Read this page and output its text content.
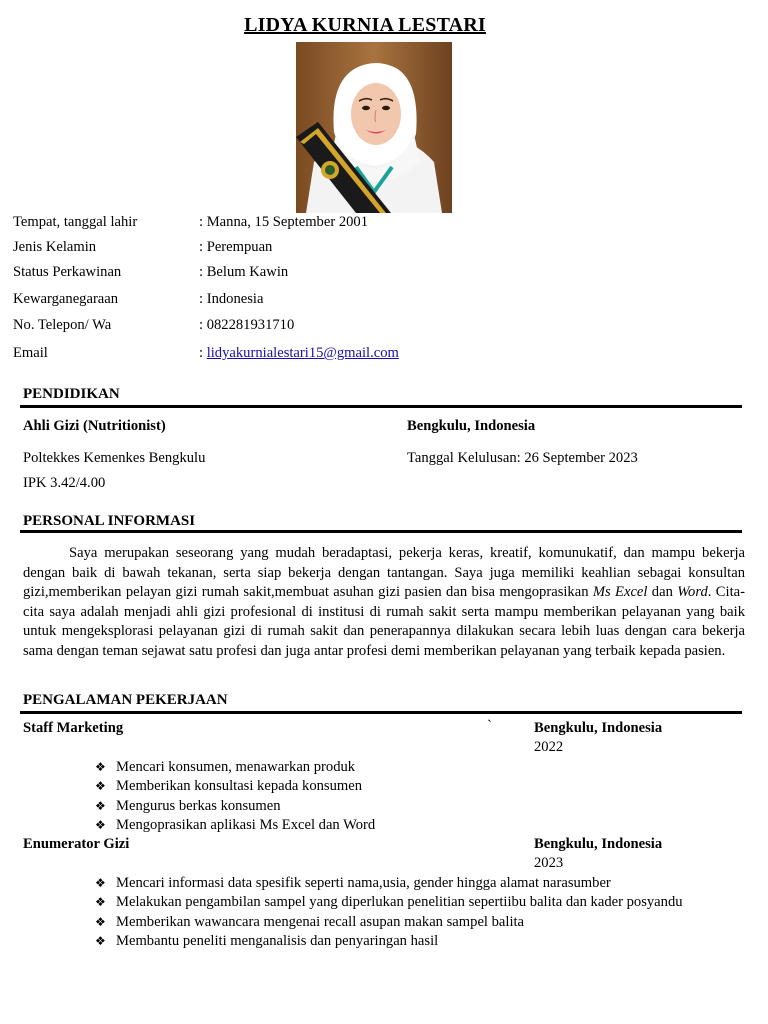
LIDYA KURNIA LESTARI
Tempat, tanggal lahir	: Manna, 15 September 2001
Jenis Kelamin	: Perempuan
Status Perkawinan	: Belum Kawin
Kewarganegaraan	: Indonesia
No. Telepon/ Wa	: 082281931710
Email	: lidyakurnialestari15@gmail.com
PENDIDIKAN
Ahli Gizi (Nutritionist)	Bengkulu, Indonesia
Poltekkes Kemenkes Bengkulu	Tanggal Kelulusan: 26 September 2023
IPK 3.42/4.00
PERSONAL INFORMASI
Saya merupakan seseorang yang mudah beradaptasi, pekerja keras, kreatif, komunukatif, dan mampu bekerja dengan baik di bawah tekanan, serta siap bekerja dengan tantangan. Saya juga memiliki keahlian sebagai konsultan gizi,memberikan pelayan gizi rumah sakit,membuat asuhan gizi pasien dan bisa mengoprasikan Ms Excel dan Word. Cita-cita saya adalah menjadi ahli gizi profesional di institusi di rumah sakit serta mampu memberikan pelayanan yang baik untuk mengeksplorasi pelayanan gizi di rumah sakit dan penerapannya dilakukan secara lebih luas dengan cara bekerja sama dengan teman sejawat satu profesi dan juga antar profesi demi memberikan pelayanan yang terbaik kepada pasien.
PENGALAMAN PEKERJAAN
Staff Marketing	`	Bengkulu, Indonesia
2022
❖ Mencari konsumen, menawarkan produk
❖ Memberikan konsultasi kepada konsumen
❖ Mengurus berkas konsumen
❖ Mengoprasikan aplikasi Ms Excel dan Word
Enumerator Gizi	Bengkulu, Indonesia
2023
❖ Mencari informasi data spesifik seperti nama,usia, gender hingga alamat narasumber
❖ Melakukan pengambilan sampel yang diperlukan penelitian sepertiibu balita dan kader posyandu
❖ Memberikan wawancara mengenai recall asupan makan sampel balita
❖ Membantu peneliti menganalisis dan penyaringan hasil
